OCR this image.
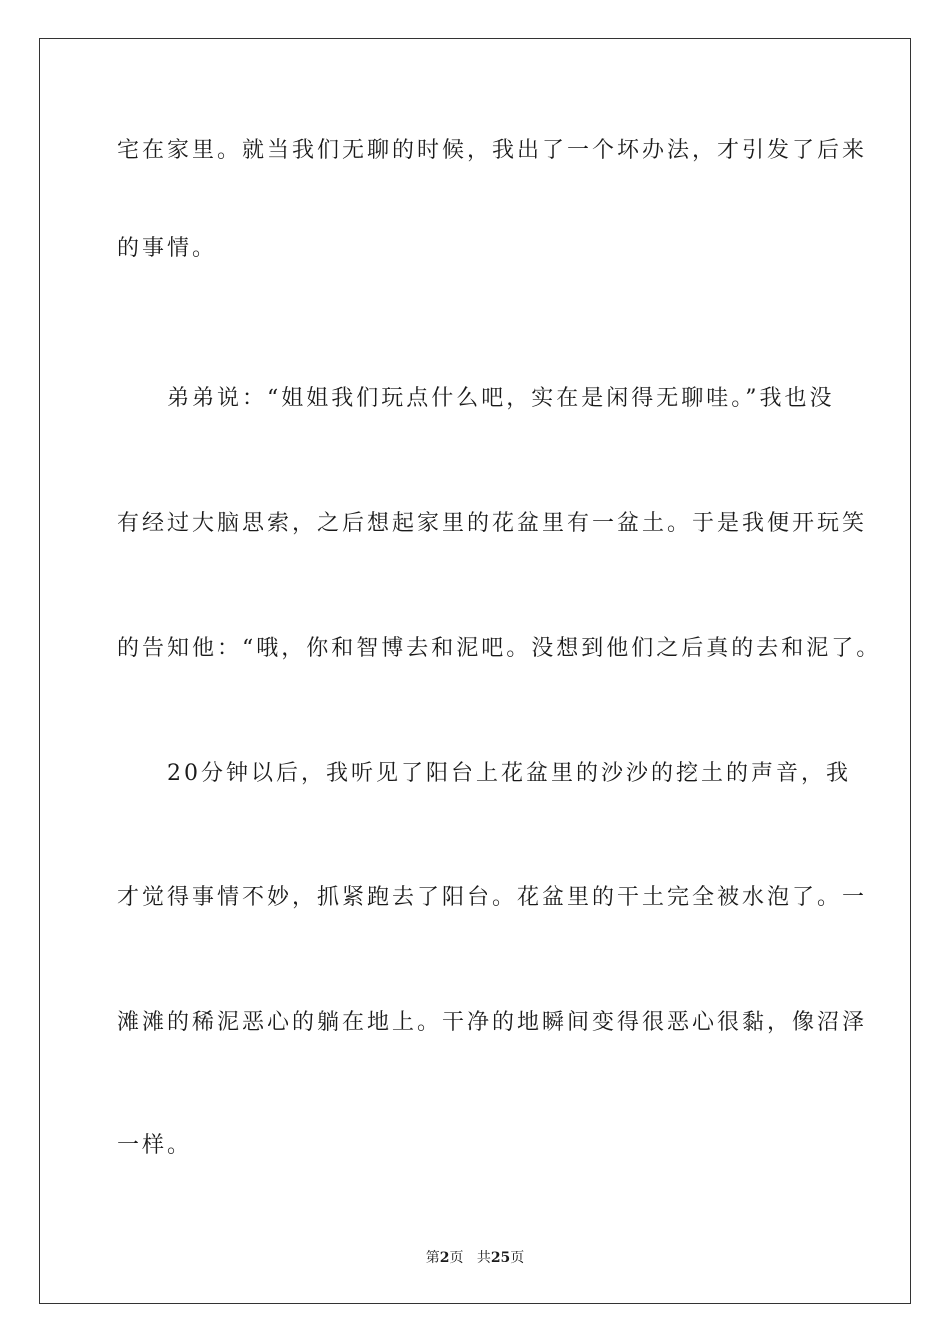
宅在家里。就当我们无聊的时候，我出了一个坏办法，才引发了后来
的事情。
　　弟弟说：“姐姐我们玩点什么吧，实在是闲得无聊哇。”我也没
有经过大脑思索，之后想起家里的花盆里有一盆土。于是我便开玩笑
的告知他：“哦，你和智博去和泥吧。没想到他们之后真的去和泥了。
　　20分钟以后，我听见了阳台上花盆里的沙沙的挖土的声音，我
才觉得事情不妙，抓紧跑去了阳台。花盆里的干土完全被水泡了。一
滩滩的稀泥恶心的躺在地上。干净的地瞬间变得很恶心很黏，像沼泽
一样。
第2页 共25页
